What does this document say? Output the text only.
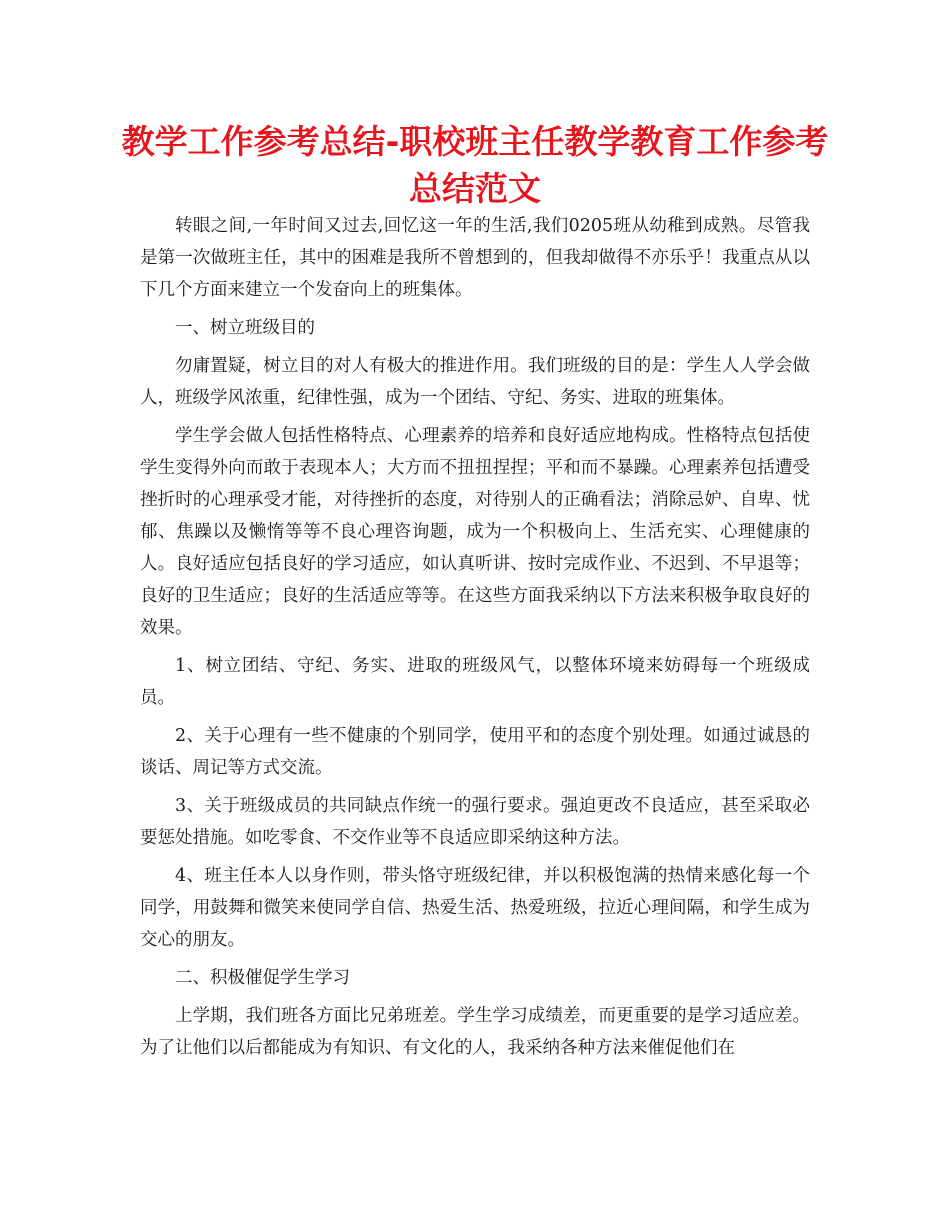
教学工作参考总结-职校班主任教学教育工作参考总结范文

转眼之间,一年时间又过去,回忆这一年的生活,我们0205班从幼稚到成熟。尽管我是第一次做班主任，其中的困难是我所不曾想到的，但我却做得不亦乐乎！我重点从以下几个方面来建立一个发奋向上的班集体。

一、树立班级目的

勿庸置疑，树立目的对人有极大的推进作用。我们班级的目的是：学生人人学会做人，班级学风浓重，纪律性强，成为一个团结、守纪、务实、进取的班集体。

学生学会做人包括性格特点、心理素养的培养和良好适应地构成。性格特点包括使学生变得外向而敢于表现本人；大方而不扭扭捏捏；平和而不暴躁。心理素养包括遭受挫折时的心理承受才能，对待挫折的态度，对待别人的正确看法；消除忌妒、自卑、忧郁、焦躁以及懒惰等等不良心理咨询题，成为一个积极向上、生活充实、心理健康的人。良好适应包括良好的学习适应，如认真听讲、按时完成作业、不迟到、不早退等；良好的卫生适应；良好的生活适应等等。在这些方面我采纳以下方法来积极争取良好的效果。

1、树立团结、守纪、务实、进取的班级风气，以整体环境来妨碍每一个班级成员。

2、关于心理有一些不健康的个别同学，使用平和的态度个别处理。如通过诚恳的谈话、周记等方式交流。

3、关于班级成员的共同缺点作统一的强行要求。强迫更改不良适应，甚至采取必要惩处措施。如吃零食、不交作业等不良适应即采纳这种方法。

4、班主任本人以身作则，带头恪守班级纪律，并以积极饱满的热情来感化每一个同学，用鼓舞和微笑来使同学自信、热爱生活、热爱班级，拉近心理间隔，和学生成为交心的朋友。

二、积极催促学生学习

上学期，我们班各方面比兄弟班差。学生学习成绩差，而更重要的是学习适应差。为了让他们以后都能成为有知识、有文化的人，我采纳各种方法来催促他们在
